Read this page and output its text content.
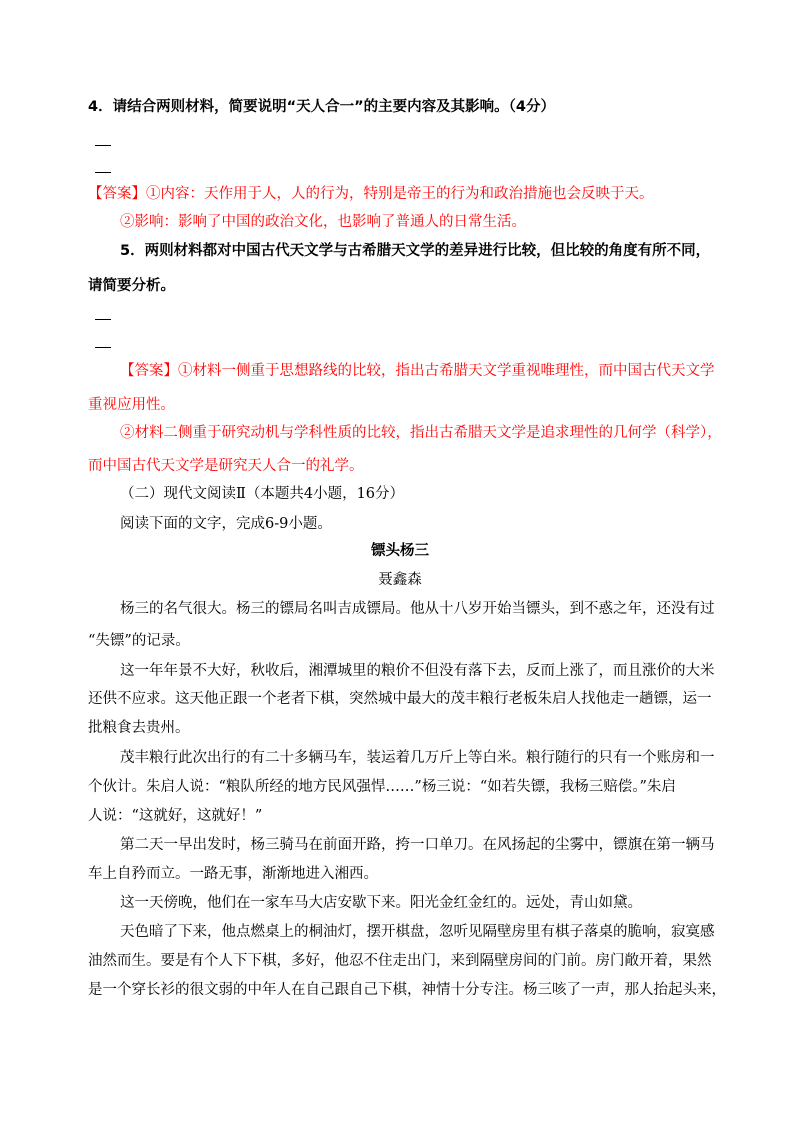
4．请结合两则材料，简要说明“天人合一”的主要内容及其影响。（4分）
【答案】①内容：天作用于人，人的行为，特别是帝王的行为和政治措施也会反映于天。
②影响：影响了中国的政治文化，也影响了普通人的日常生活。
5．两则材料都对中国古代天文学与古希腊天文学的差异进行比较，但比较的角度有所不同，
请简要分析。
【答案】①材料一侧重于思想路线的比较，指出古希腊天文学重视唯理性，而中国古代天文学
重视应用性。
②材料二侧重于研究动机与学科性质的比较，指出古希腊天文学是追求理性的几何学（科学），
而中国古代天文学是研究天人合一的礼学。
（二）现代文阅读Ⅱ（本题共4小题，16分）
阅读下面的文字，完成6-9小题。
镖头杨三
聂鑫森
杨三的名气很大。杨三的镖局名叫吉成镖局。他从十八岁开始当镖头，到不惑之年，还没有过
“失镖”的记录。
这一年年景不大好，秋收后，湘潭城里的粮价不但没有落下去，反而上涨了，而且涨价的大米
还供不应求。这天他正跟一个老者下棋，突然城中最大的茂丰粮行老板朱启人找他走一趟镖，运一
批粮食去贵州。
茂丰粮行此次出行的有二十多辆马车，装运着几万斤上等白米。粮行随行的只有一个账房和一
个伙计。朱启人说：“粮队所经的地方民风强悍……”杨三说：“如若失镖，我杨三赔偿。”朱启
人说：“这就好，这就好！”
第二天一早出发时，杨三骑马在前面开路，挎一口单刀。在风扬起的尘雾中，镖旗在第一辆马
车上自矜而立。一路无事，渐渐地进入湘西。
这一天傍晚，他们在一家车马大店安歇下来。阳光金红金红的。远处，青山如黛。
天色暗了下来，他点燃桌上的桐油灯，摆开棋盘，忽听见隔壁房里有棋子落桌的脆响，寂寞感
油然而生。要是有个人下下棋，多好，他忍不住走出门，来到隔壁房间的门前。房门敞开着，果然
是一个穿长衫的很文弱的中年人在自己跟自己下棋，神情十分专注。杨三咳了一声，那人抬起头来，
